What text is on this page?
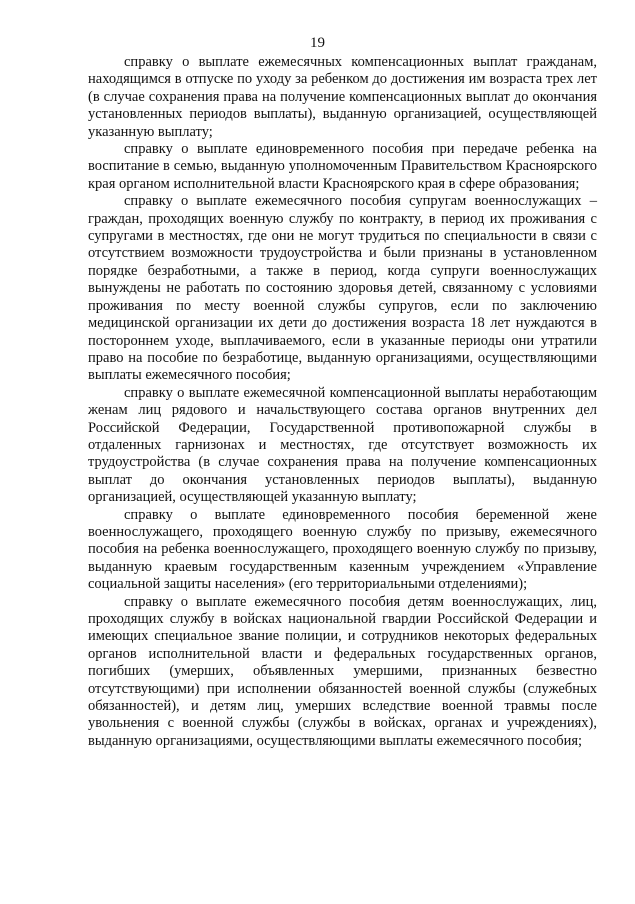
19

справку о выплате ежемесячных компенсационных выплат гражданам, находящимся в отпуске по уходу за ребенком до достижения им возраста трех лет (в случае сохранения права на получение компенсационных выплат до окончания установленных периодов выплаты), выданную организацией, осуществляющей указанную выплату;

справку о выплате единовременного пособия при передаче ребенка на воспитание в семью, выданную уполномоченным Правительством Красноярского края органом исполнительной власти Красноярского края в сфере образования;

справку о выплате ежемесячного пособия супругам военнослужащих – граждан, проходящих военную службу по контракту, в период их проживания с супругами в местностях, где они не могут трудиться по специальности в связи с отсутствием возможности трудоустройства и были признаны в установленном порядке безработными, а также в период, когда супруги военнослужащих вынуждены не работать по состоянию здоровья детей, связанному с условиями проживания по месту военной службы супругов, если по заключению медицинской организации их дети до достижения возраста 18 лет нуждаются в постороннем уходе, выплачиваемого, если в указанные периоды они утратили право на пособие по безработице, выданную организациями, осуществляющими выплаты ежемесячного пособия;

справку о выплате ежемесячной компенсационной выплаты неработающим женам лиц рядового и начальствующего состава органов внутренних дел Российской Федерации, Государственной противопожарной службы в отдаленных гарнизонах и местностях, где отсутствует возможность их трудоустройства (в случае сохранения права на получение компенсационных выплат до окончания установленных периодов выплаты), выданную организацией, осуществляющей указанную выплату;

справку о выплате единовременного пособия беременной жене военнослужащего, проходящего военную службу по призыву, ежемесячного пособия на ребенка военнослужащего, проходящего военную службу по призыву, выданную краевым государственным казенным учреждением «Управление социальной защиты населения» (его территориальными отделениями);

справку о выплате ежемесячного пособия детям военнослужащих, лиц, проходящих службу в войсках национальной гвардии Российской Федерации и имеющих специальное звание полиции, и сотрудников некоторых федеральных органов исполнительной власти и федеральных государственных органов, погибших (умерших, объявленных умершими, признанных безвестно отсутствующими) при исполнении обязанностей военной службы (служебных обязанностей), и детям лиц, умерших вследствие военной травмы после увольнения с военной службы (службы в войсках, органах и учреждениях), выданную организациями, осуществляющими выплаты ежемесячного пособия;
